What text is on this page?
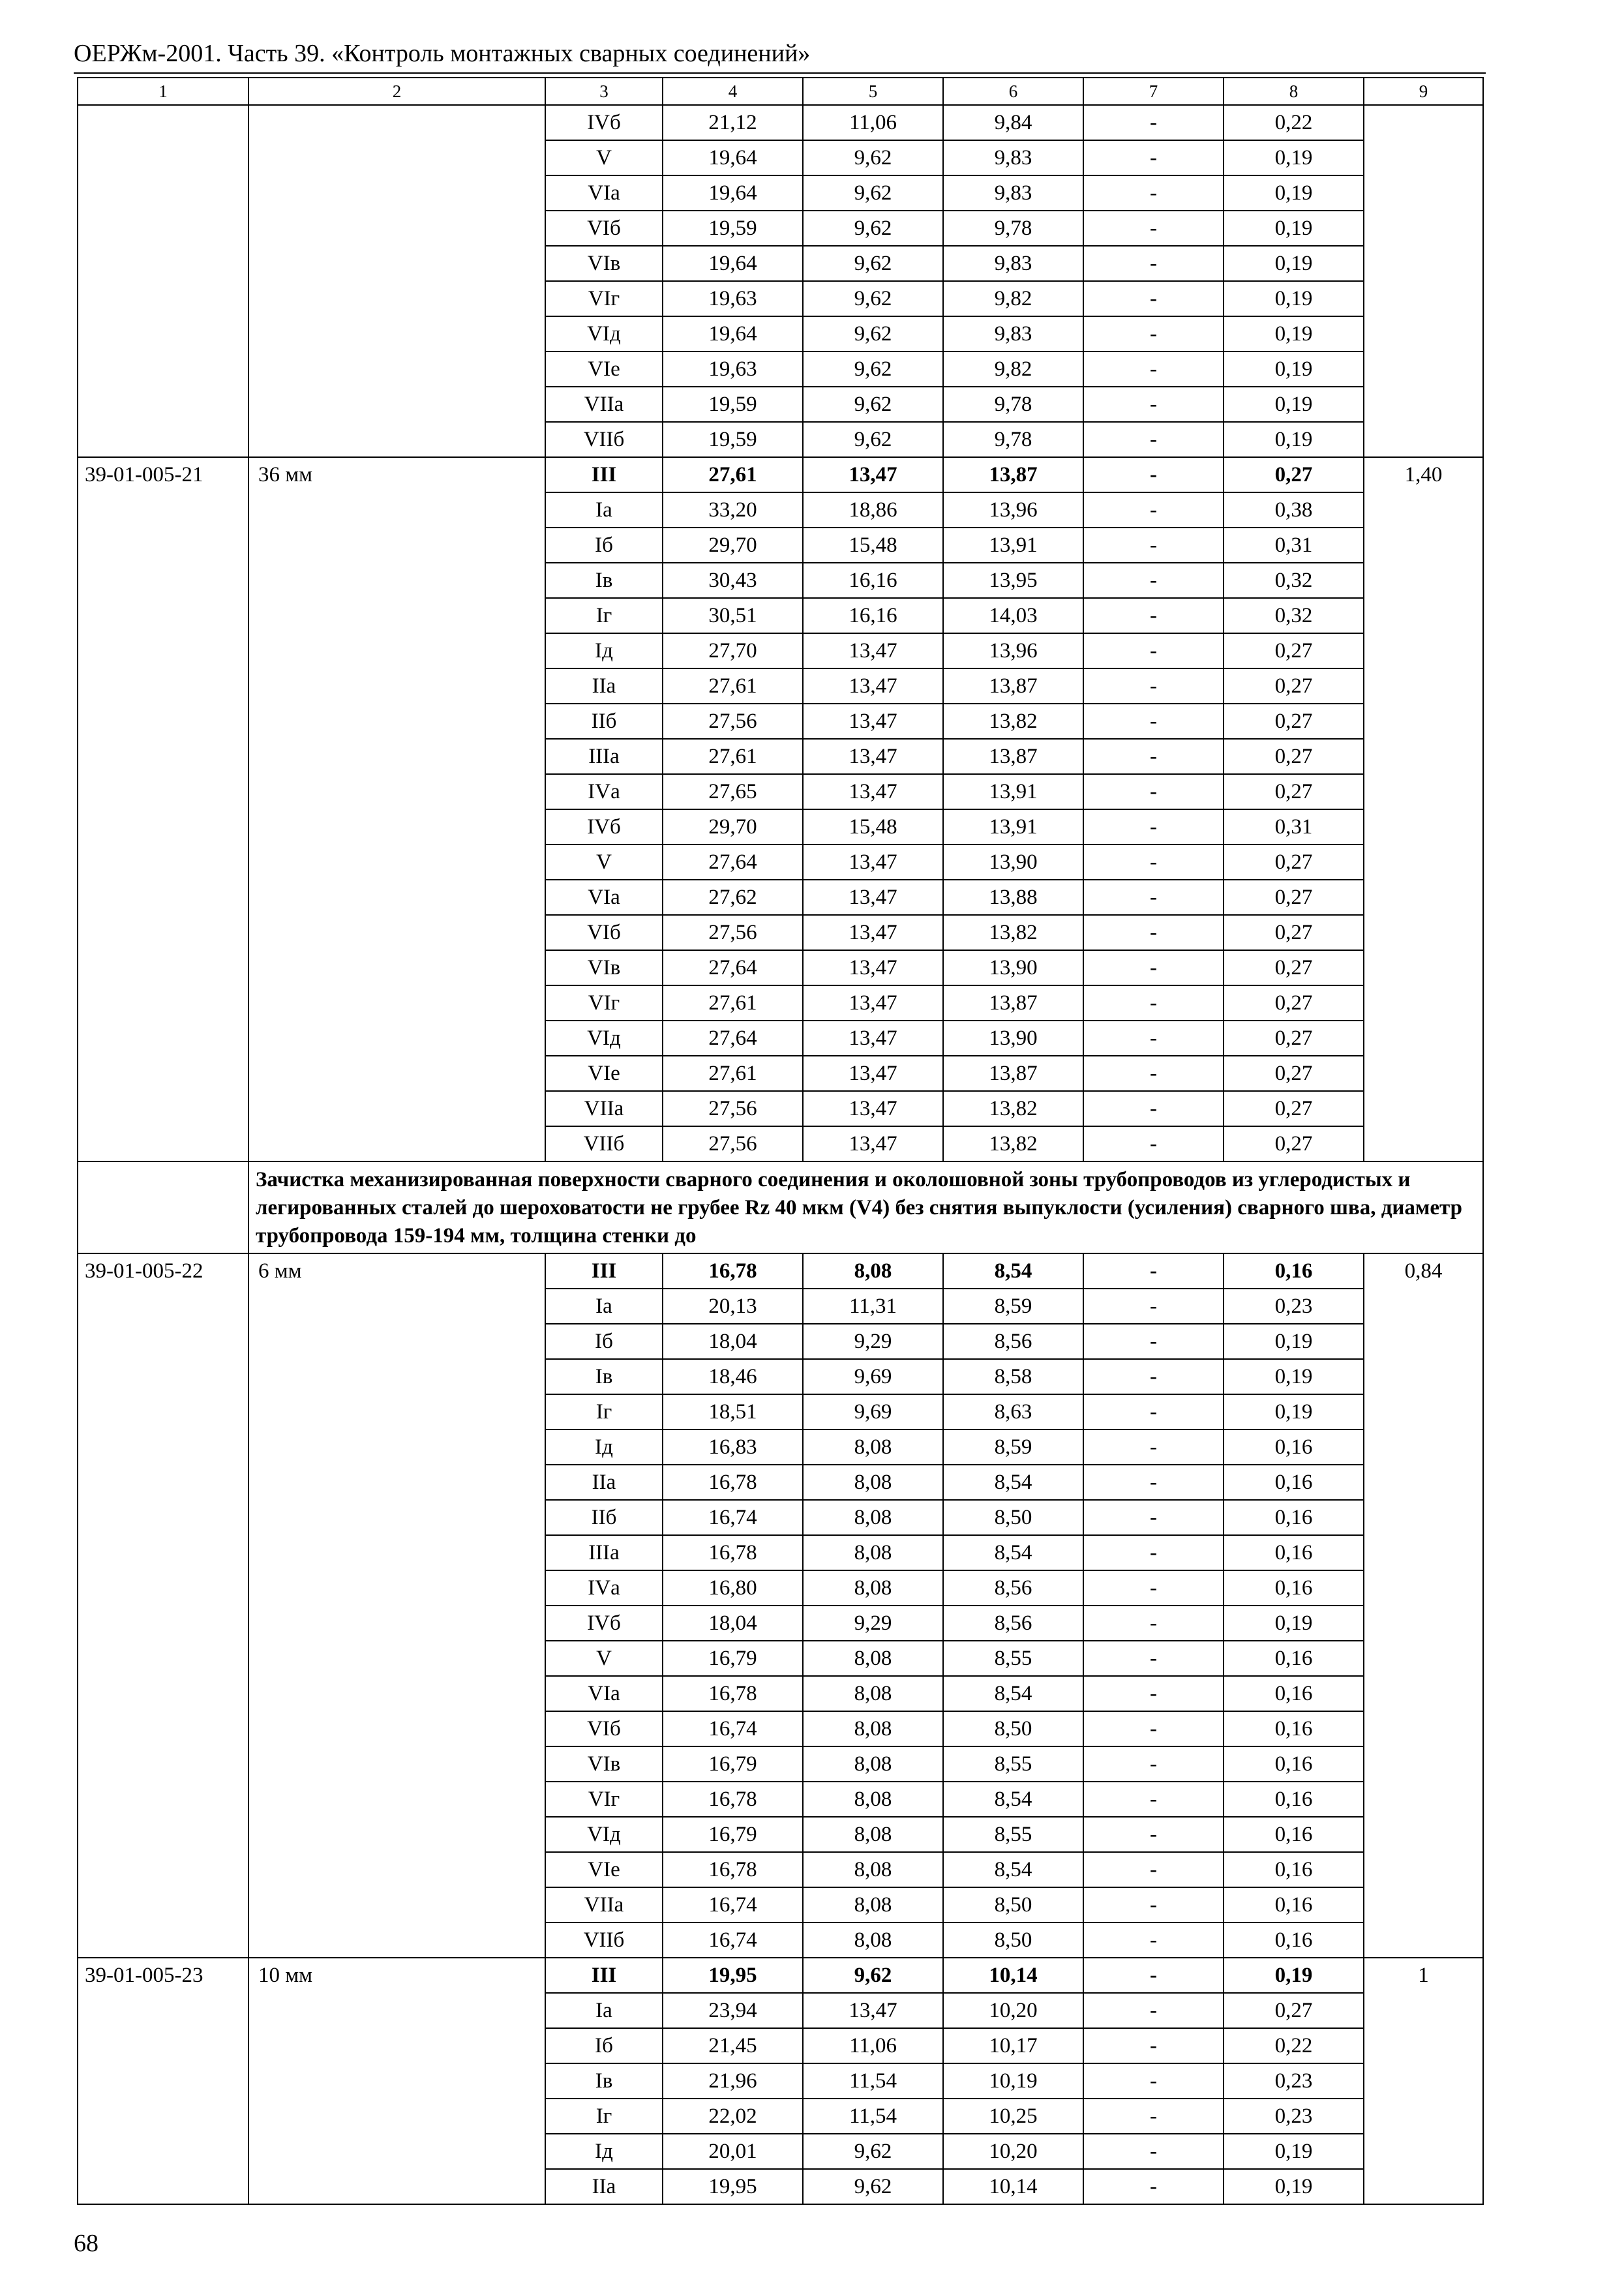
ОЕРЖм-2001. Часть 39. «Контроль монтажных сварных соединений»
1	2	3	4	5	6	7	8	9
		IVб	21,12	11,06	9,84	-	0,22	
		V	19,64	9,62	9,83	-	0,19	
		VIа	19,64	9,62	9,83	-	0,19	
		VIб	19,59	9,62	9,78	-	0,19	
		VIв	19,64	9,62	9,83	-	0,19	
		VIг	19,63	9,62	9,82	-	0,19	
		VIд	19,64	9,62	9,83	-	0,19	
		VIе	19,63	9,62	9,82	-	0,19	
		VIIа	19,59	9,62	9,78	-	0,19	
		VIIб	19,59	9,62	9,78	-	0,19	
39-01-005-21	36 мм	III	27,61	13,47	13,87	-	0,27	1,40
		Iа	33,20	18,86	13,96	-	0,38	
		Iб	29,70	15,48	13,91	-	0,31	
		Iв	30,43	16,16	13,95	-	0,32	
		Iг	30,51	16,16	14,03	-	0,32	
		Iд	27,70	13,47	13,96	-	0,27	
		IIа	27,61	13,47	13,87	-	0,27	
		IIб	27,56	13,47	13,82	-	0,27	
		IIIа	27,61	13,47	13,87	-	0,27	
		IVа	27,65	13,47	13,91	-	0,27	
		IVб	29,70	15,48	13,91	-	0,31	
		V	27,64	13,47	13,90	-	0,27	
		VIа	27,62	13,47	13,88	-	0,27	
		VIб	27,56	13,47	13,82	-	0,27	
		VIв	27,64	13,47	13,90	-	0,27	
		VIг	27,61	13,47	13,87	-	0,27	
		VIд	27,64	13,47	13,90	-	0,27	
		VIе	27,61	13,47	13,87	-	0,27	
		VIIа	27,56	13,47	13,82	-	0,27	
		VIIб	27,56	13,47	13,82	-	0,27	
	Зачистка механизированная поверхности сварного соединения и околошовной зоны трубопроводов из углеродистых и легированных сталей до шероховатости не грубее Rz 40 мкм (V4) без снятия выпуклости (усиления) сварного шва, диаметр трубопровода 159-194 мм, толщина стенки до							
39-01-005-22	6 мм	III	16,78	8,08	8,54	-	0,16	0,84
		Iа	20,13	11,31	8,59	-	0,23	
		Iб	18,04	9,29	8,56	-	0,19	
		Iв	18,46	9,69	8,58	-	0,19	
		Iг	18,51	9,69	8,63	-	0,19	
		Iд	16,83	8,08	8,59	-	0,16	
		IIа	16,78	8,08	8,54	-	0,16	
		IIб	16,74	8,08	8,50	-	0,16	
		IIIа	16,78	8,08	8,54	-	0,16	
		IVа	16,80	8,08	8,56	-	0,16	
		IVб	18,04	9,29	8,56	-	0,19	
		V	16,79	8,08	8,55	-	0,16	
		VIа	16,78	8,08	8,54	-	0,16	
		VIб	16,74	8,08	8,50	-	0,16	
		VIв	16,79	8,08	8,55	-	0,16	
		VIг	16,78	8,08	8,54	-	0,16	
		VIд	16,79	8,08	8,55	-	0,16	
		VIе	16,78	8,08	8,54	-	0,16	
		VIIа	16,74	8,08	8,50	-	0,16	
		VIIб	16,74	8,08	8,50	-	0,16	
39-01-005-23	10 мм	III	19,95	9,62	10,14	-	0,19	1
		Iа	23,94	13,47	10,20	-	0,27	
		Iб	21,45	11,06	10,17	-	0,22	
		Iв	21,96	11,54	10,19	-	0,23	
		Iг	22,02	11,54	10,25	-	0,23	
		Iд	20,01	9,62	10,20	-	0,19	
		IIа	19,95	9,62	10,14	-	0,19	
68
